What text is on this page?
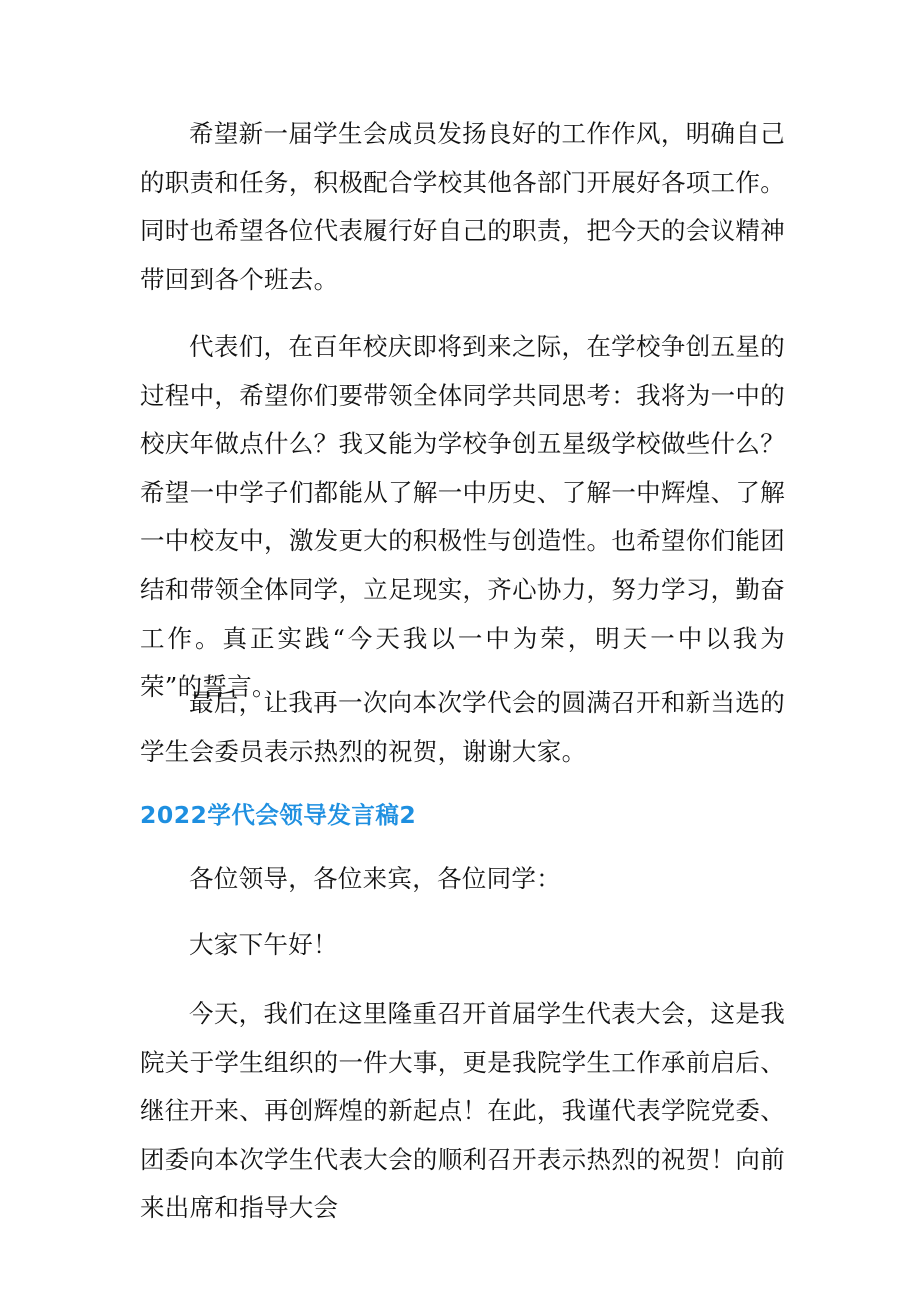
希望新一届学生会成员发扬良好的工作作风，明确自己的职责和任务，积极配合学校其他各部门开展好各项工作。同时也希望各位代表履行好自己的职责，把今天的会议精神带回到各个班去。

代表们，在百年校庆即将到来之际，在学校争创五星的过程中，希望你们要带领全体同学共同思考：我将为一中的校庆年做点什么？我又能为学校争创五星级学校做些什么？希望一中学子们都能从了解一中历史、了解一中辉煌、了解一中校友中，激发更大的积极性与创造性。也希望你们能团结和带领全体同学，立足现实，齐心协力，努力学习，勤奋工作。真正实践“今天我以一中为荣，明天一中以我为荣”的誓言。

最后，让我再一次向本次学代会的圆满召开和新当选的学生会委员表示热烈的祝贺，谢谢大家。

2022学代会领导发言稿2

各位领导，各位来宾，各位同学：

大家下午好！

今天，我们在这里隆重召开首届学生代表大会，这是我院关于学生组织的一件大事，更是我院学生工作承前启后、继往开来、再创辉煌的新起点！在此，我谨代表学院党委、团委向本次学生代表大会的顺利召开表示热烈的祝贺！向前来出席和指导大会
